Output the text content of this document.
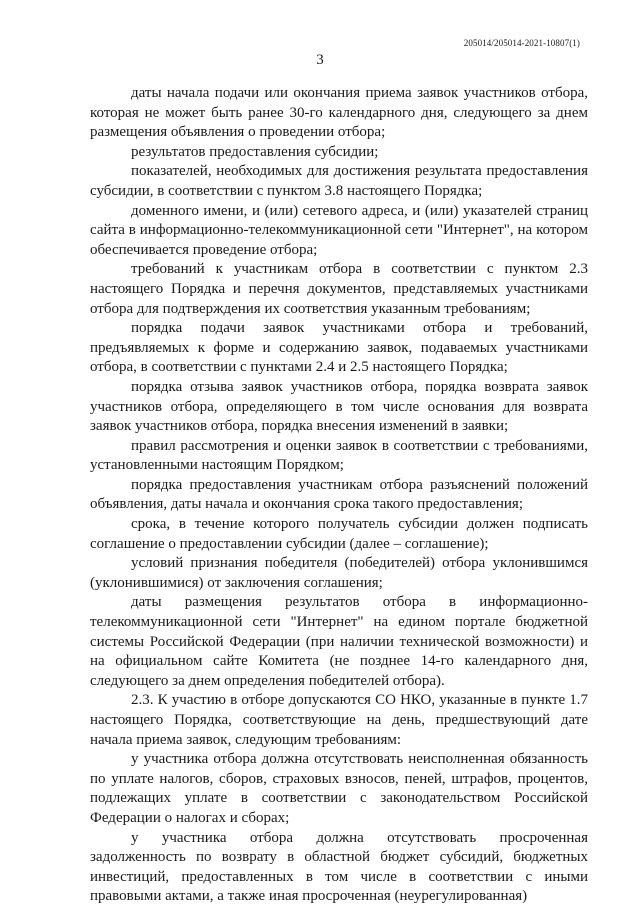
205014/205014-2021-10807(1)
3

даты начала подачи или окончания приема заявок участников отбора, которая не может быть ранее 30-го календарного дня, следующего за днем размещения объявления о проведении отбора;

результатов предоставления субсидии;

показателей, необходимых для достижения результата предоставления субсидии, в соответствии с пунктом 3.8 настоящего Порядка;

доменного имени, и (или) сетевого адреса, и (или) указателей страниц сайта в информационно-телекоммуникационной сети "Интернет", на котором обеспечивается проведение отбора;

требований к участникам отбора в соответствии с пунктом 2.3 настоящего Порядка и перечня документов, представляемых участниками отбора для подтверждения их соответствия указанным требованиям;

порядка подачи заявок участниками отбора и требований, предъявляемых к форме и содержанию заявок, подаваемых участниками отбора, в соответствии с пунктами 2.4 и 2.5 настоящего Порядка;

порядка отзыва заявок участников отбора, порядка возврата заявок участников отбора, определяющего в том числе основания для возврата заявок участников отбора, порядка внесения изменений в заявки;

правил рассмотрения и оценки заявок в соответствии с требованиями, установленными настоящим Порядком;

порядка предоставления участникам отбора разъяснений положений объявления, даты начала и окончания срока такого предоставления;

срока, в течение которого получатель субсидии должен подписать соглашение о предоставлении субсидии (далее – соглашение);

условий признания победителя (победителей) отбора уклонившимся (уклонившимися) от заключения соглашения;

даты размещения результатов отбора в информационно-телекоммуникационной сети "Интернет" на едином портале бюджетной системы Российской Федерации (при наличии технической возможности) и на официальном сайте Комитета (не позднее 14-го календарного дня, следующего за днем определения победителей отбора).

2.3. К участию в отборе допускаются СО НКО, указанные в пункте 1.7 настоящего Порядка, соответствующие на день, предшествующий дате начала приема заявок, следующим требованиям:

у участника отбора должна отсутствовать неисполненная обязанность по уплате налогов, сборов, страховых взносов, пеней, штрафов, процентов, подлежащих уплате в соответствии с законодательством Российской Федерации о налогах и сборах;

у участника отбора должна отсутствовать просроченная задолженность по возврату в областной бюджет субсидий, бюджетных инвестиций, предоставленных в том числе в соответствии с иными правовыми актами, а также иная просроченная (неурегулированная)
